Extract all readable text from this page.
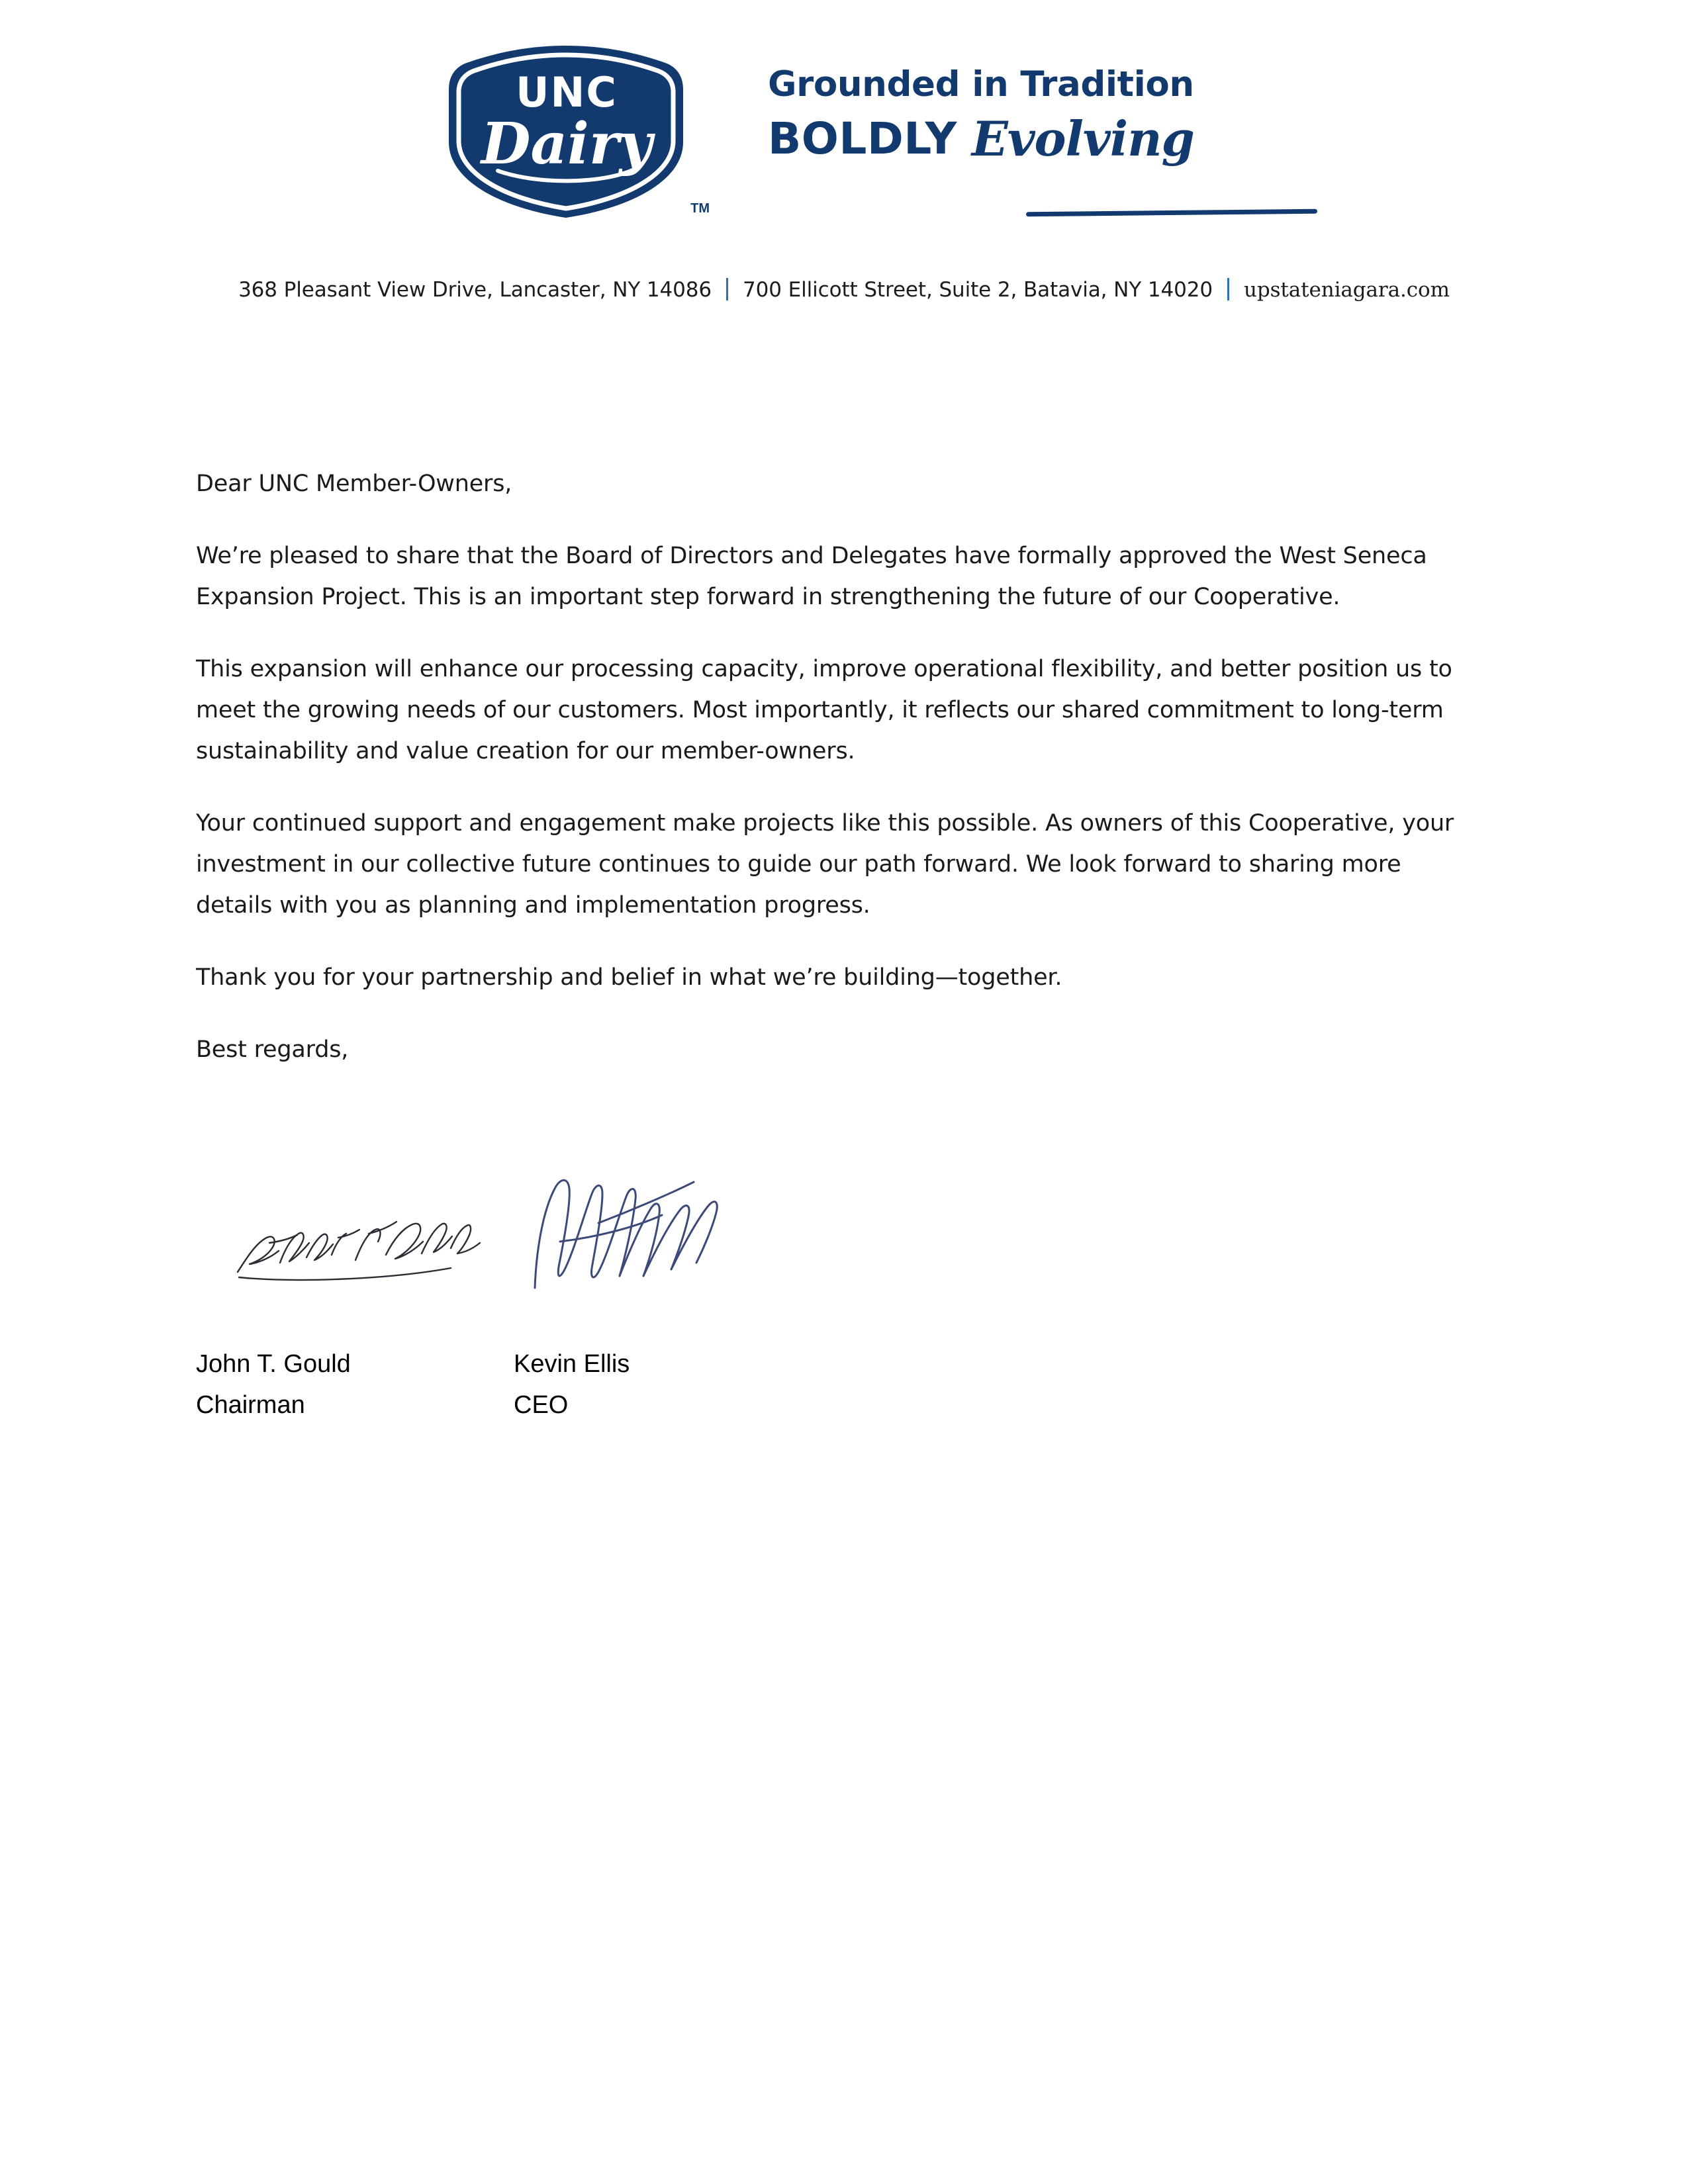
UNC
Dairy
TM
Grounded in Tradition
BOLDLY Evolving
368 Pleasant View Drive, Lancaster, NY 14086 700 Ellicott Street, Suite 2, Batavia, NY 14020 upstateniagara.com

Dear UNC Member-Owners,

We’re pleased to share that the Board of Directors and Delegates have formally approved the West Seneca Expansion Project. This is an important step forward in strengthening the future of our Cooperative.

This expansion will enhance our processing capacity, improve operational flexibility, and better position us to meet the growing needs of our customers. Most importantly, it reflects our shared commitment to long-term sustainability and value creation for our member-owners.

Your continued support and engagement make projects like this possible. As owners of this Cooperative, your investment in our collective future continues to guide our path forward. We look forward to sharing more details with you as planning and implementation progress.

Thank you for your partnership and belief in what we’re building—together.

Best regards,

John T. Gould
Chairman
Kevin Ellis
CEO
